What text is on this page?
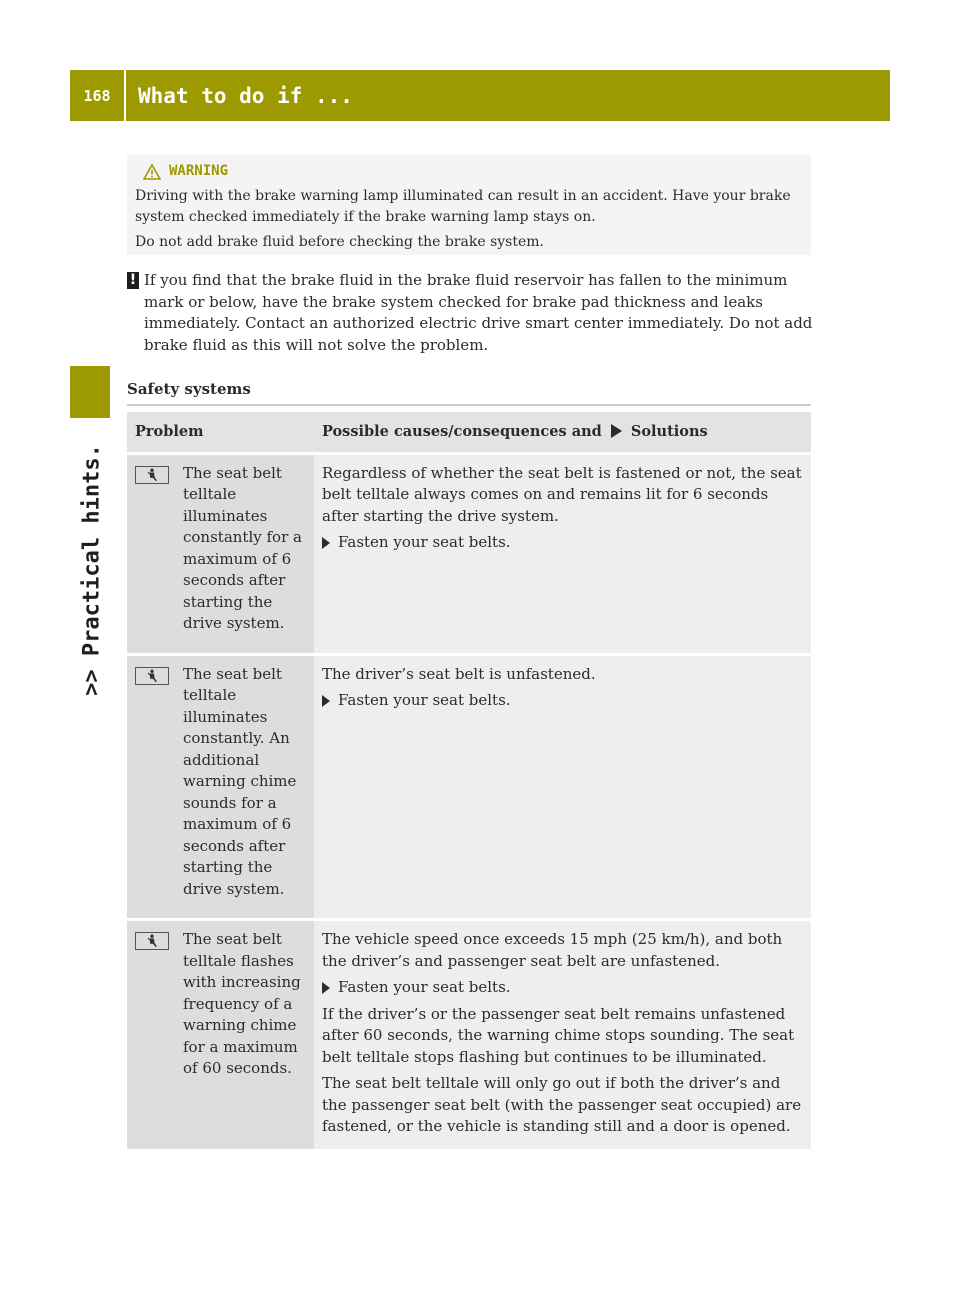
168	What to do if ...
>> Practical hints.
WARNING

Driving with the brake warning lamp illuminated can result in an accident. Have your brake system checked immediately if the brake warning lamp stays on.

Do not add brake fluid before checking the brake system.

! If you find that the brake fluid in the brake fluid reservoir has fallen to the minimum mark or below, have the brake system checked for brake pad thickness and leaks immediately. Contact an authorized electric drive smart center immediately. Do not add brake fluid as this will not solve the problem.

Safety systems
Problem	Possible causes/consequences and Solutions

The seat belt telltale illuminates constantly for a maximum of 6 seconds after starting the drive system.	Regardless of whether the seat belt is fastened or not, the seat belt telltale always comes on and remains lit for 6 seconds after starting the drive system.

Fasten your seat belts.

The seat belt telltale illuminates constantly. An additional warning chime sounds for a maximum of 6 seconds after starting the drive system.	The driver’s seat belt is unfastened.

Fasten your seat belts.

The seat belt telltale flashes with increasing frequency of a warning chime for a maximum of 60 seconds.	The vehicle speed once exceeds 15 mph (25 km/h), and both the driver’s and passenger seat belt are unfastened.

Fasten your seat belts.

If the driver’s or the passenger seat belt remains unfastened after 60 seconds, the warning chime stops sounding. The seat belt telltale stops flashing but continues to be illuminated.

The seat belt telltale will only go out if both the driver’s and the passenger seat belt (with the passenger seat occupied) are fastened, or the vehicle is standing still and a door is opened.
